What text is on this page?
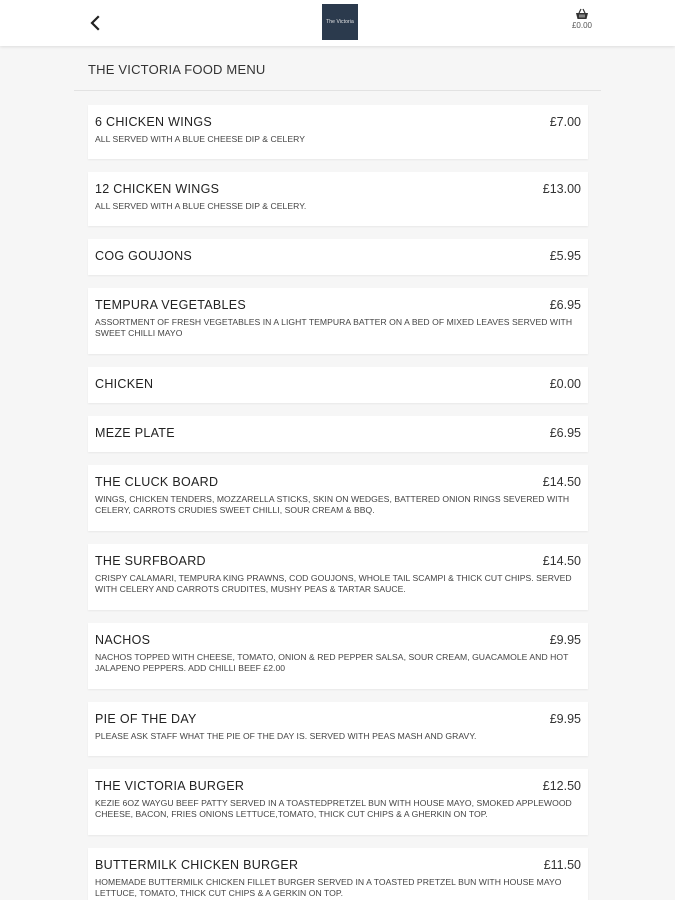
The Victoria	£0.00
THE VICTORIA FOOD MENU
6 CHICKEN WINGS	£7.00
ALL SERVED WITH A BLUE CHEESE DIP & CELERY
12 CHICKEN WINGS	£13.00
ALL SERVED WITH A BLUE CHESSE DIP & CELERY.
COG GOUJONS	£5.95
TEMPURA VEGETABLES	£6.95
ASSORTMENT OF FRESH VEGETABLES IN A LIGHT TEMPURA BATTER ON A BED OF MIXED LEAVES SERVED WITH SWEET CHILLI MAYO
CHICKEN	£0.00
MEZE PLATE	£6.95
THE CLUCK BOARD	£14.50
WINGS, CHICKEN TENDERS, MOZZARELLA STICKS, SKIN ON WEDGES, BATTERED ONION RINGS SEVERED WITH CELERY, CARROTS CRUDIES SWEET CHILLI, SOUR CREAM & BBQ.
THE SURFBOARD	£14.50
CRISPY CALAMARI, TEMPURA KING PRAWNS, COD GOUJONS, WHOLE TAIL SCAMPI & THICK CUT CHIPS. SERVED WITH CELERY AND CARROTS CRUDITES, MUSHY PEAS & TARTAR SAUCE.
NACHOS	£9.95
NACHOS TOPPED WITH CHEESE, TOMATO, ONION & RED PEPPER SALSA, SOUR CREAM, GUACAMOLE AND HOT JALAPENO PEPPERS. ADD CHILLI BEEF £2.00
PIE OF THE DAY	£9.95
PLEASE ASK STAFF WHAT THE PIE OF THE DAY IS. SERVED WITH PEAS MASH AND GRAVY.
THE VICTORIA BURGER	£12.50
KEZIE 6OZ WAYGU BEEF PATTY SERVED IN A TOASTEDPRETZEL BUN WITH HOUSE MAYO, SMOKED APPLEWOOD CHEESE, BACON, FRIES ONIONS LETTUCE,TOMATO, THICK CUT CHIPS & A GHERKIN ON TOP.
BUTTERMILK CHICKEN BURGER	£11.50
HOMEMADE BUTTERMILK CHICKEN FILLET BURGER SERVED IN A TOASTED PRETZEL BUN WITH HOUSE MAYO LETTUCE, TOMATO, THICK CUT CHIPS & A GERKIN ON TOP.
